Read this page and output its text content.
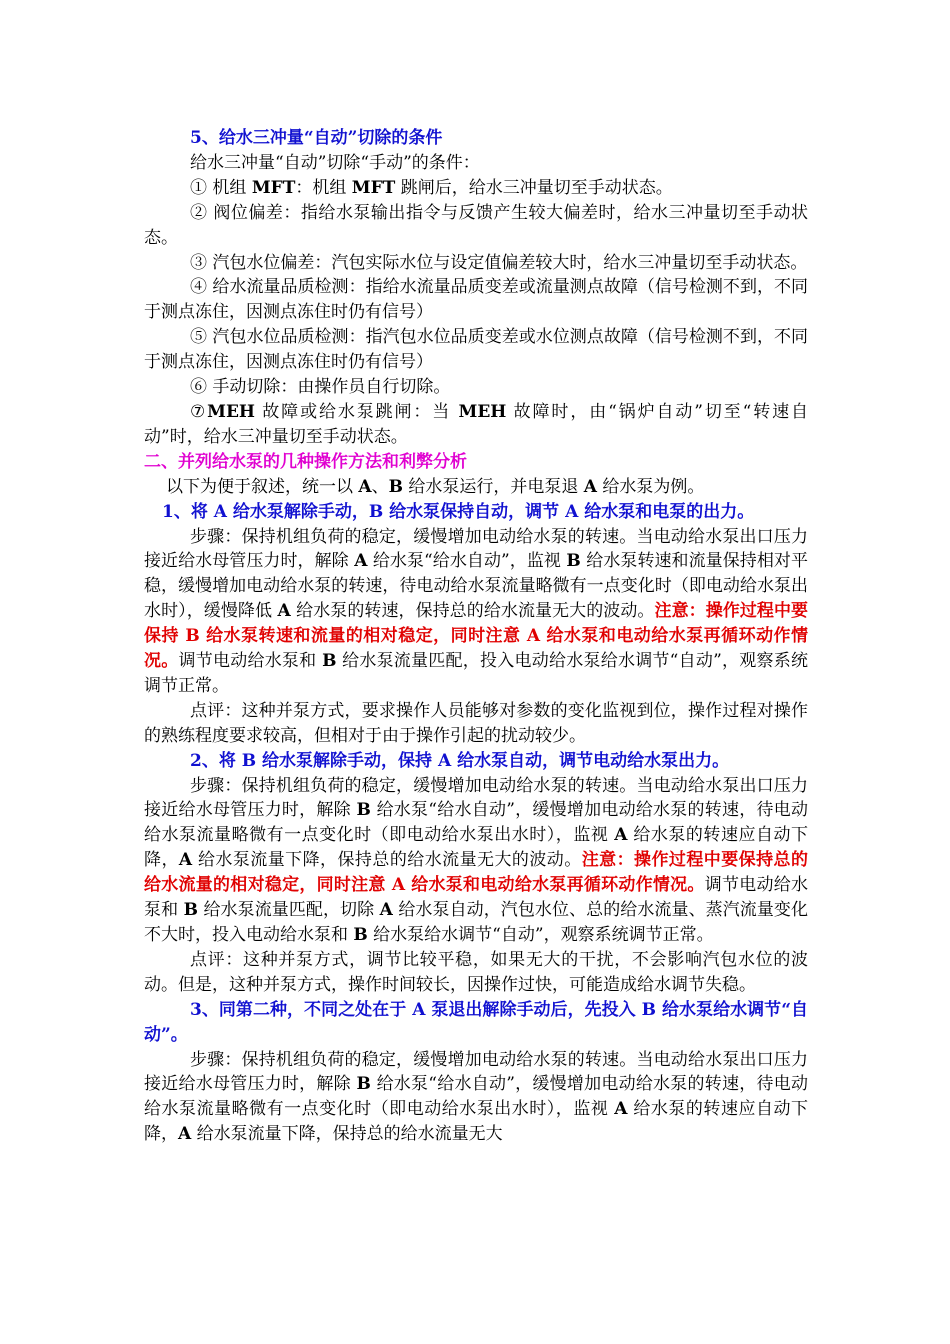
5、给水三冲量“自动”切除的条件

给水三冲量“自动”切除“手动”的条件：

① 机组 MFT：机组 MFT 跳闸后，给水三冲量切至手动状态。

② 阀位偏差：指给水泵输出指令与反馈产生较大偏差时，给水三冲量切至手动状态。

③ 汽包水位偏差：汽包实际水位与设定值偏差较大时，给水三冲量切至手动状态。

④ 给水流量品质检测：指给水流量品质变差或流量测点故障（信号检测不到，不同于测点冻住，因测点冻住时仍有信号）

⑤ 汽包水位品质检测：指汽包水位品质变差或水位测点故障（信号检测不到，不同于测点冻住，因测点冻住时仍有信号）

⑥ 手动切除：由操作员自行切除。

⑦MEH 故障或给水泵跳闸：当 MEH 故障时，由“锅炉自动”切至“转速自动”时，给水三冲量切至手动状态。

二、并列给水泵的几种操作方法和利弊分析

以下为便于叙述，统一以 A、B 给水泵运行，并电泵退 A 给水泵为例。

1、将 A 给水泵解除手动，B 给水泵保持自动，调节 A 给水泵和电泵的出力。

步骤：保持机组负荷的稳定，缓慢增加电动给水泵的转速。当电动给水泵出口压力接近给水母管压力时，解除 A 给水泵“给水自动”，监视 B 给水泵转速和流量保持相对平稳，缓慢增加电动给水泵的转速，待电动给水泵流量略微有一点变化时（即电动给水泵出水时），缓慢降低 A 给水泵的转速，保持总的给水流量无大的波动。注意：操作过程中要保持 B 给水泵转速和流量的相对稳定，同时注意 A 给水泵和电动给水泵再循环动作情况。调节电动给水泵和 B 给水泵流量匹配，投入电动给水泵给水调节“自动”，观察系统调节正常。

点评：这种并泵方式，要求操作人员能够对参数的变化监视到位，操作过程对操作的熟练程度要求较高，但相对于由于操作引起的扰动较少。

2、将 B 给水泵解除手动，保持 A 给水泵自动，调节电动给水泵出力。

步骤：保持机组负荷的稳定，缓慢增加电动给水泵的转速。当电动给水泵出口压力接近给水母管压力时，解除 B 给水泵“给水自动”，缓慢增加电动给水泵的转速，待电动给水泵流量略微有一点变化时（即电动给水泵出水时），监视 A 给水泵的转速应自动下降，A 给水泵流量下降，保持总的给水流量无大的波动。注意：操作过程中要保持总的给水流量的相对稳定，同时注意 A 给水泵和电动给水泵再循环动作情况。调节电动给水泵和 B 给水泵流量匹配，切除 A 给水泵自动，汽包水位、总的给水流量、蒸汽流量变化不大时，投入电动给水泵和 B 给水泵给水调节“自动”，观察系统调节正常。

点评：这种并泵方式，调节比较平稳，如果无大的干扰，不会影响汽包水位的波动。但是，这种并泵方式，操作时间较长，因操作过快，可能造成给水调节失稳。

3、同第二种，不同之处在于 A 泵退出解除手动后，先投入 B 给水泵给水调节“自动”。

步骤：保持机组负荷的稳定，缓慢增加电动给水泵的转速。当电动给水泵出口压力接近给水母管压力时，解除 B 给水泵“给水自动”，缓慢增加电动给水泵的转速，待电动给水泵流量略微有一点变化时（即电动给水泵出水时），监视 A 给水泵的转速应自动下降，A 给水泵流量下降，保持总的给水流量无大
